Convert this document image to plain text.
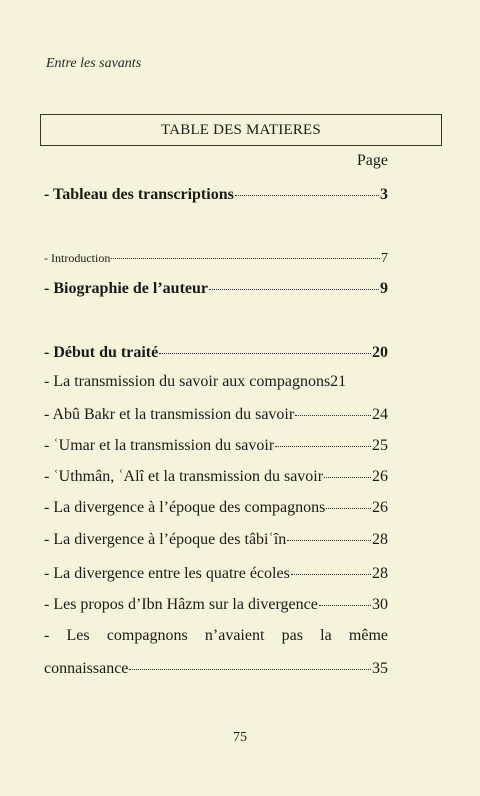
Entre les savants
TABLE DES MATIERES
Page
- Tableau des transcriptions	3
- Introduction	7
- Biographie de l’auteur	9
- Début du traité	20
- La transmission du savoir aux compagnons 21
- Abû Bakr et la transmission du savoir	24
- ʿUmar et la transmission du savoir	25
- ʿUthmân, ʿAlî et la transmission du savoir	26
- La divergence à l’époque des compagnons	26
- La divergence à l’époque des tâbiʿîn	28
- La divergence entre les quatre écoles	28
- Les propos d’Ibn Hâzm sur la divergence	30
- Les compagnons n’avaient pas la même
connaissance	35
75
